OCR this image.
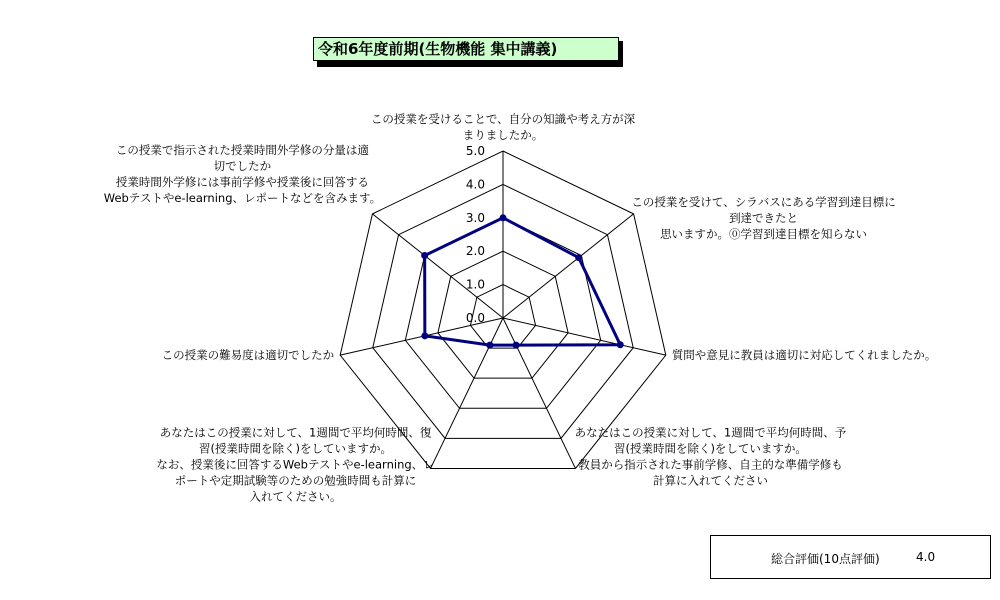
令和6年度前期(生物機能 集中講義)
0.0
1.0
2.0
3.0
4.0
5.0
この授業を受けることで、自分の知識や考え方が深まりましたか。
この授業を受けて、シラバスにある学習到達目標に到達できたと思いますか。⓪学習到達目標を知らない
質問や意見に教員は適切に対応してくれましたか。
あなたはこの授業に対して、1週間で平均何時間、予習(授業時間を除く)をしていますか。教員から指示された事前学修、自主的な準備学修も計算に入れてください
あなたはこの授業に対して、1週間で平均何時間、復習(授業時間を除く)をしていますか。なお、授業後に回答するWebテストやe-learning、レポートや定期試験等のための勉強時間も計算に入れてください。
この授業の難易度は適切でしたか
この授業で指示された授業時間外学修の分量は適切でしたか授業時間外学修には事前学修や授業後に回答する Webテストやe-learning、レポートなどを含みます。
総合評価(10点評価)	4.0
